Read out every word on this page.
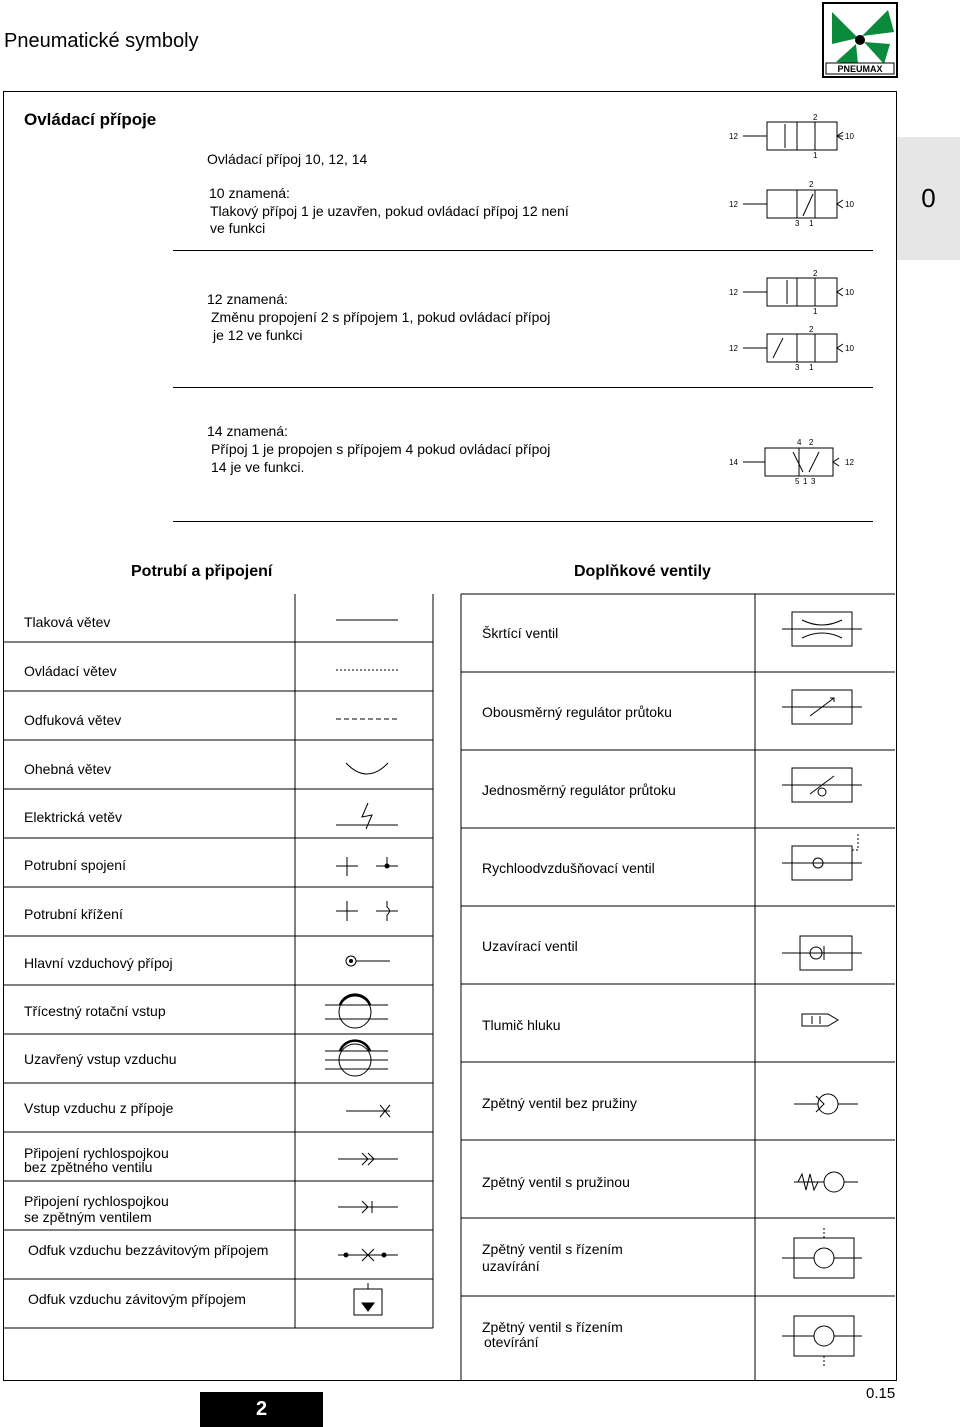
Pneumatické symboly
PNEUMAX
0
Ovládací přípoje
Ovládací přípoj 10, 12, 14
10 znamená:
Tlakový přípoj 1 je uzavřen, pokud ovládací přípoj 12 není
ve funkci
12 znamená:
Změnu propojení 2 s přípojem 1, pokud ovládací přípoj
je 12 ve funkci
14 znamená:
Přípoj 1 je propojen s přípojem 4 pokud ovládací přípoj
14 je ve funkci.
12	10
2
1
12	10
2
3 1
12	10
2
1
12	10
2
3 1
14	12
4 2
5 1 3
Potrubí a připojení	Doplňkové ventily
Tlaková větev
Ovládací větev
Odfuková větev
Ohebná větev
Elektrická vetěv
Potrubní spojení
Potrubní křížení
Hlavní vzduchový přípoj
Třícestný rotační vstup
Uzavřený vstup vzduchu
Vstup vzduchu z přípoje
Připojení rychlospojkou
bez zpětného ventilu
Připojení rychlospojkou
se zpětným ventilem
Odfuk vzduchu bezzávitovým přípojem
Odfuk vzduchu závitovým přípojem
Škrtící ventil
Obousměrný regulátor průtoku
Jednosměrný regulátor průtoku
Rychloodvzdušňovací ventil
Uzavírací ventil
Tlumič hluku
Zpětný ventil bez pružiny
Zpětný ventil s pružinou
Zpětný ventil s řízením
uzavírání
Zpětný ventil s řízením
otevírání
2
0.15
